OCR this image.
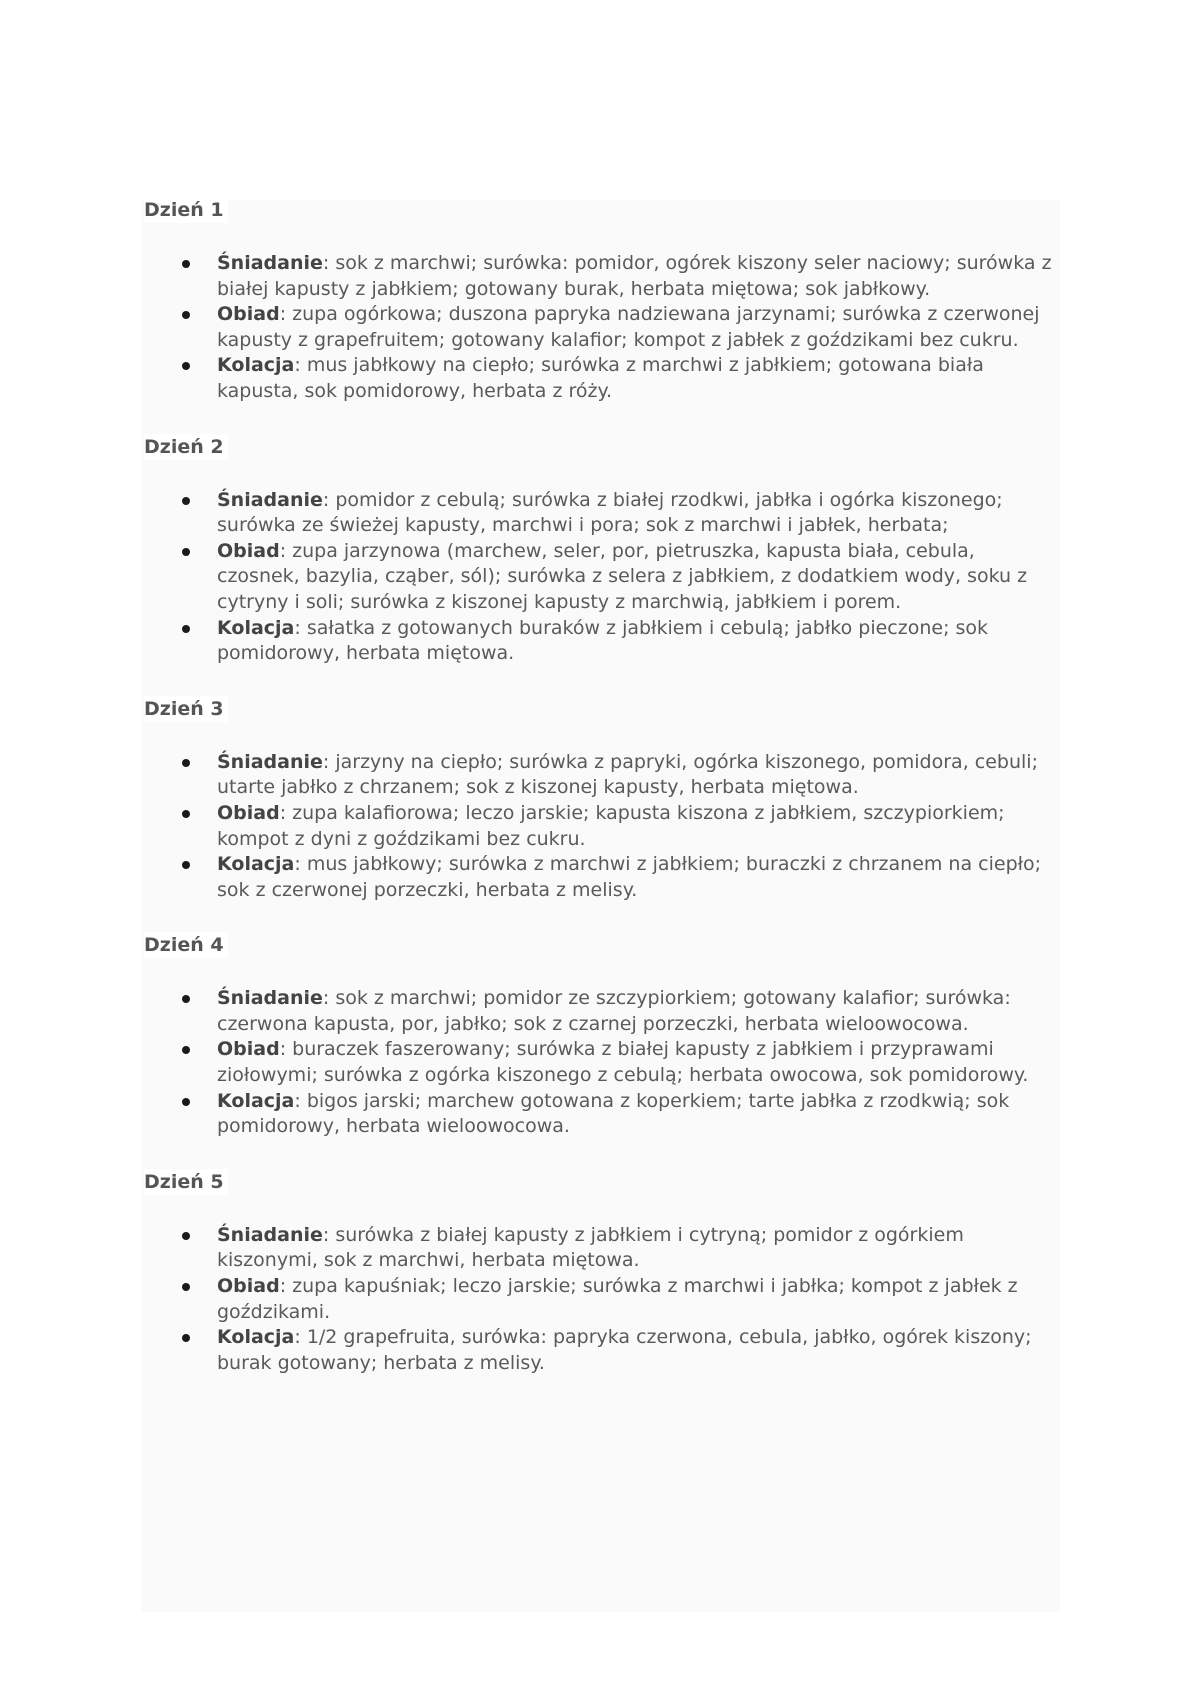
Dzień 1
Śniadanie: sok z marchwi; surówka: pomidor, ogórek kiszony seler naciowy; surówka z białej kapusty z jabłkiem; gotowany burak, herbata miętowa; sok jabłkowy.
Obiad: zupa ogórkowa; duszona papryka nadziewana jarzynami; surówka z czerwonej kapusty z grapefruitem; gotowany kalafior; kompot z jabłek z goździkami bez cukru.
Kolacja: mus jabłkowy na ciepło; surówka z marchwi z jabłkiem; gotowana biała kapusta, sok pomidorowy, herbata z róży.
Dzień 2
Śniadanie: pomidor z cebulą; surówka z białej rzodkwi, jabłka i ogórka kiszonego; surówka ze świeżej kapusty, marchwi i pora; sok z marchwi i jabłek, herbata;
Obiad: zupa jarzynowa (marchew, seler, por, pietruszka, kapusta biała, cebula, czosnek, bazylia, cząber, sól); surówka z selera z jabłkiem, z dodatkiem wody, soku z cytryny i soli; surówka z kiszonej kapusty z marchwią, jabłkiem i porem.
Kolacja: sałatka z gotowanych buraków z jabłkiem i cebulą; jabłko pieczone; sok pomidorowy, herbata miętowa.
Dzień 3
Śniadanie: jarzyny na ciepło; surówka z papryki, ogórka kiszonego, pomidora, cebuli; utarte jabłko z chrzanem; sok z kiszonej kapusty, herbata miętowa.
Obiad: zupa kalafiorowa; leczo jarskie; kapusta kiszona z jabłkiem, szczypiorkiem; kompot z dyni z goździkami bez cukru.
Kolacja: mus jabłkowy; surówka z marchwi z jabłkiem; buraczki z chrzanem na ciepło; sok z czerwonej porzeczki, herbata z melisy.
Dzień 4
Śniadanie: sok z marchwi; pomidor ze szczypiorkiem; gotowany kalafior; surówka: czerwona kapusta, por, jabłko; sok z czarnej porzeczki, herbata wieloowocowa.
Obiad: buraczek faszerowany; surówka z białej kapusty z jabłkiem i przyprawami ziołowymi; surówka z ogórka kiszonego z cebulą; herbata owocowa, sok pomidorowy.
Kolacja: bigos jarski; marchew gotowana z koperkiem; tarte jabłka z rzodkwią; sok pomidorowy, herbata wieloowocowa.
Dzień 5
Śniadanie: surówka z białej kapusty z jabłkiem i cytryną; pomidor z ogórkiem kiszonymi, sok z marchwi, herbata miętowa.
Obiad: zupa kapuśniak; leczo jarskie; surówka z marchwi i jabłka; kompot z jabłek z goździkami.
Kolacja: 1/2 grapefruita, surówka: papryka czerwona, cebula, jabłko, ogórek kiszony; burak gotowany; herbata z melisy.
